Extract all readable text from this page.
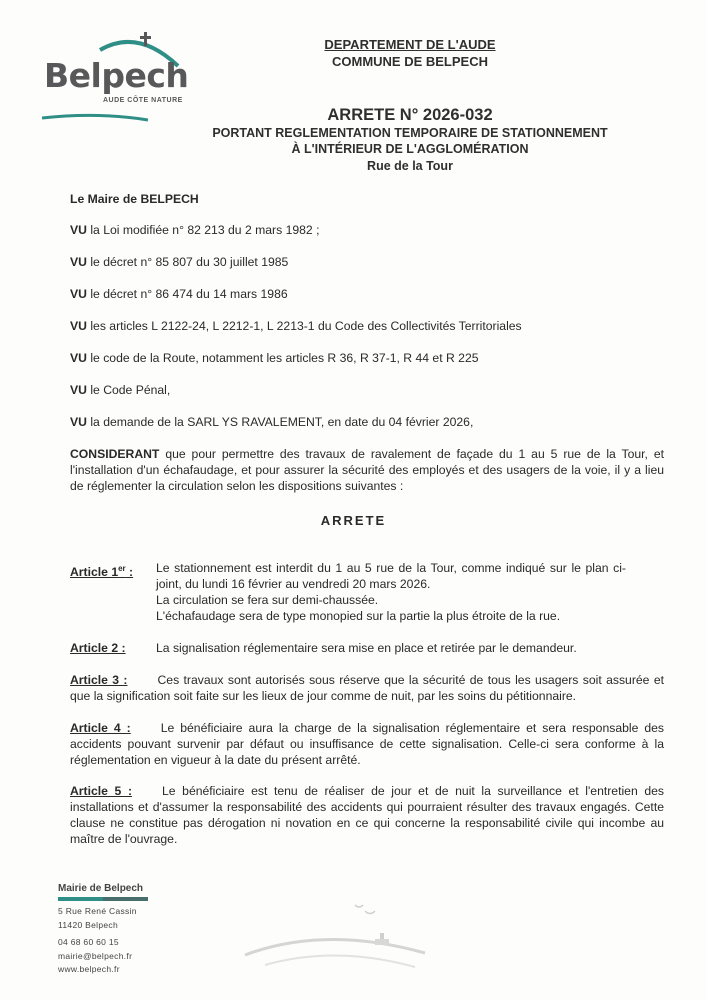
Belpech
AUDE CÔTE NATURE
DEPARTEMENT DE L'AUDE
COMMUNE DE BELPECH
ARRETE N° 2026-032
PORTANT REGLEMENTATION TEMPORAIRE DE STATIONNEMENT
À L'INTÉRIEUR DE L'AGGLOMÉRATION
Rue de la Tour
Le Maire de BELPECH
VU la Loi modifiée n° 82 213 du 2 mars 1982 ;
VU le décret n° 85 807 du 30 juillet 1985
VU le décret n° 86 474 du 14 mars 1986
VU les articles L 2122-24, L 2212-1, L 2213-1 du Code des Collectivités Territoriales
VU le code de la Route, notamment les articles R 36, R 37-1, R 44 et R 225
VU le Code Pénal,
VU la demande de la SARL YS RAVALEMENT, en date du 04 février 2026,
CONSIDERANT que pour permettre des travaux de ravalement de façade du 1 au 5 rue de la Tour, et l'installation d'un échafaudage, et pour assurer la sécurité des employés et des usagers de la voie, il y a lieu de réglementer la circulation selon les dispositions suivantes :
ARRETE
Article 1er :	Le stationnement est interdit du 1 au 5 rue de la Tour, comme indiqué sur le plan ci-joint, du lundi 16 février au vendredi 20 mars 2026.
La circulation se fera sur demi-chaussée.
L'échafaudage sera de type monopied sur la partie la plus étroite de la rue.
Article 2 :	La signalisation réglementaire sera mise en place et retirée par le demandeur.
Article 3 : Ces travaux sont autorisés sous réserve que la sécurité de tous les usagers soit assurée et que la signification soit faite sur les lieux de jour comme de nuit, par les soins du pétitionnaire.
Article 4 : Le bénéficiaire aura la charge de la signalisation réglementaire et sera responsable des accidents pouvant survenir par défaut ou insuffisance de cette signalisation. Celle-ci sera conforme à la réglementation en vigueur à la date du présent arrêté.
Article 5 : Le bénéficiaire est tenu de réaliser de jour et de nuit la surveillance et l'entretien des installations et d'assumer la responsabilité des accidents qui pourraient résulter des travaux engagés. Cette clause ne constitue pas dérogation ni novation en ce qui concerne la responsabilité civile qui incombe au maître de l'ouvrage.
Mairie de Belpech
5 Rue René Cassin
11420 Belpech
04 68 60 60 15
mairie@belpech.fr
www.belpech.fr
